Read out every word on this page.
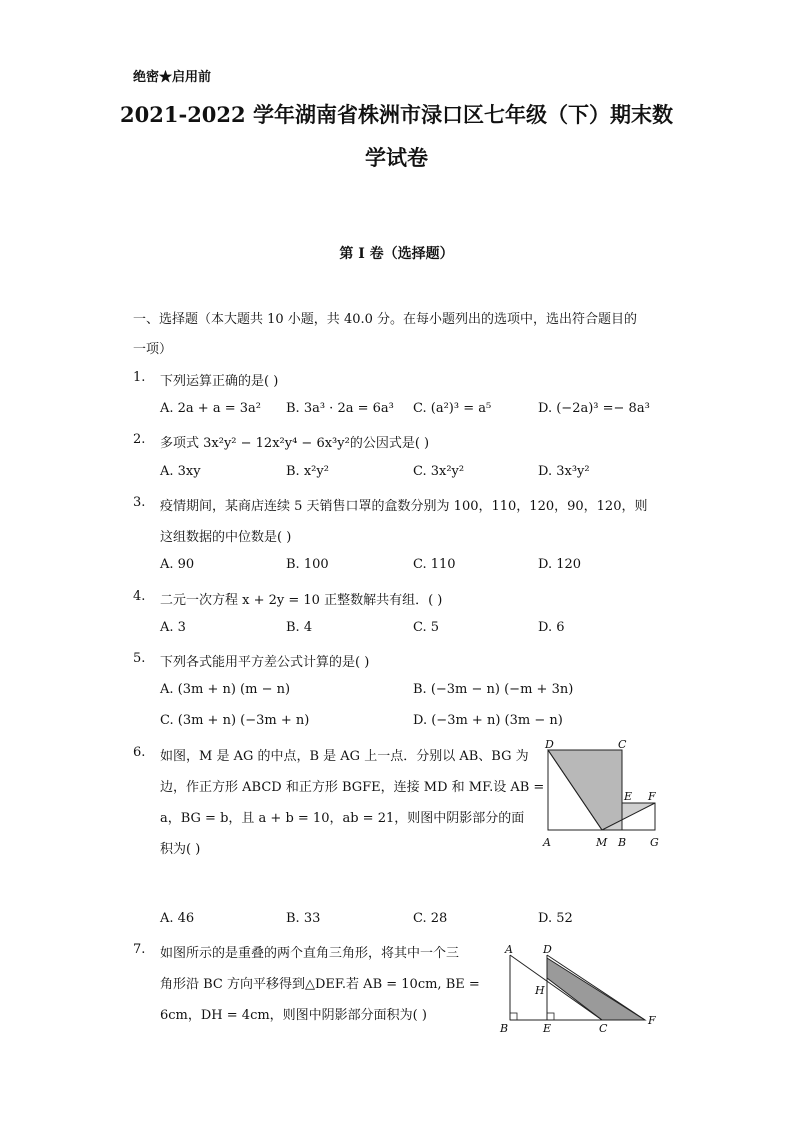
绝密★启用前
2021-2022 学年湖南省株洲市渌口区七年级（下）期末数
学试卷
第 I 卷（选择题）
一、选择题（本大题共 10 小题，共 40.0 分。在每小题列出的选项中，选出符合题目的
一项）
1. 下列运算正确的是( )
A. 2a + a = 3a² B. 3a³ · 2a = 6a³ C. (a²)³ = a⁵	D. (−2a)³ =− 8a³
2. 多项式 3x²y² − 12x²y⁴ − 6x³y²的公因式是( )
A. 3xy	B. x²y²	C. 3x²y²	D. 3x³y²
3. 疫情期间，某商店连续 5 天销售口罩的盒数分别为 100，110，120，90，120，则
这组数据的中位数是( )
A. 90	B. 100	C. 110	D. 120
4. 二元一次方程 x + 2y = 10 正整数解共有组．( )
A. 3	B. 4	C. 5	D. 6
5. 下列各式能用平方差公式计算的是( )
A. (3m + n) (m − n)	B. (−3m − n) (−m + 3n)
C. (3m + n) (−3m + n)	D. (−3m + n) (3m − n)
6. 如图，M 是 AG 的中点，B 是 AG 上一点．分别以 AB、BG 为
边，作正方形 ABCD 和正方形 BGFE，连接 MD 和 MF.设 AB =
a，BG = b，且 a + b = 10，ab = 21，则图中阴影部分的面
积为( )
D	C
E F
A	M B G
A. 46	B. 33	C. 28	D. 52
7. 如图所示的是重叠的两个直角三角形，将其中一个三
角形沿 BC 方向平移得到△DEF.若 AB = 10cm, BE =
6cm，DH = 4cm，则图中阴影部分面积为( )
A	D
H
B	E	C
F
